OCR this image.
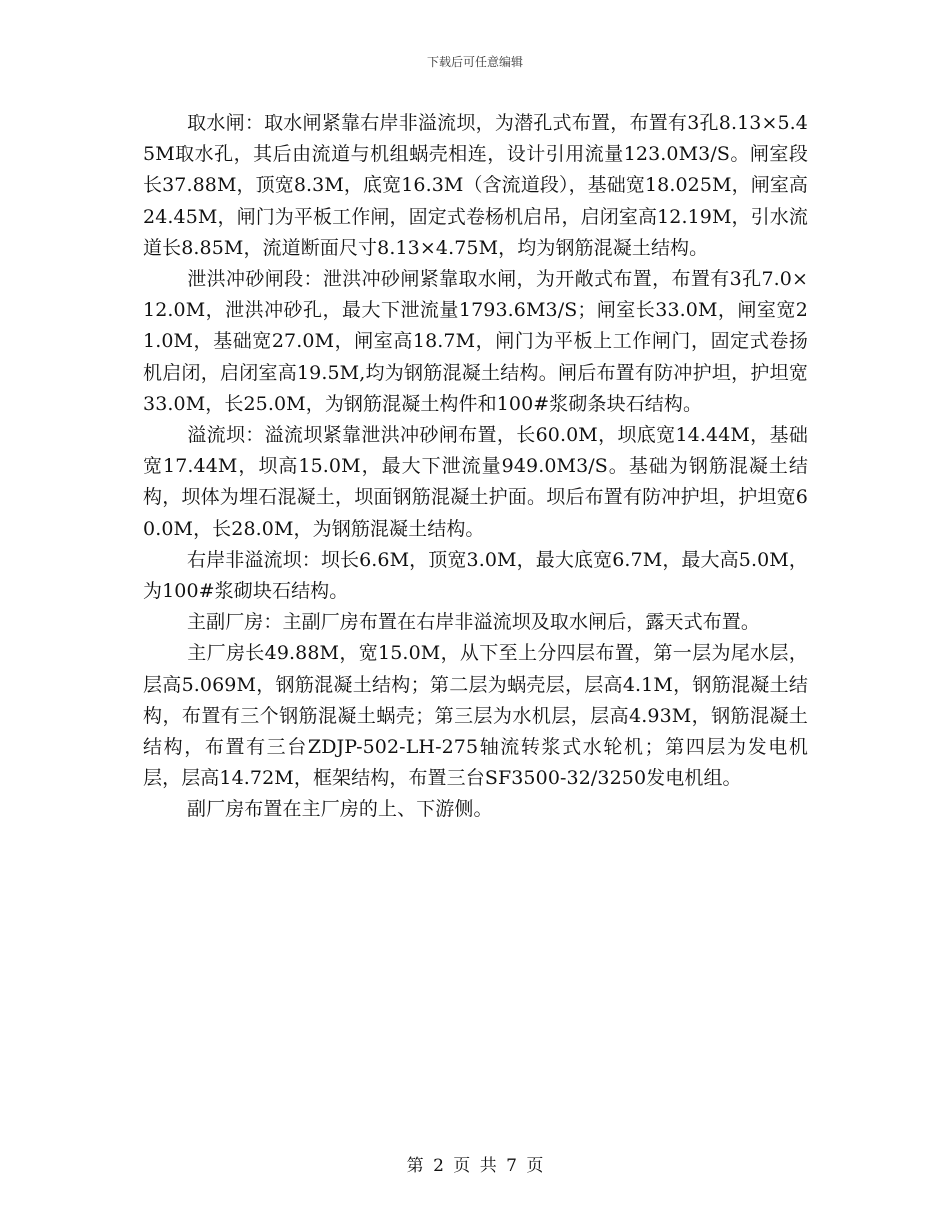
下载后可任意编辑

取水闸：取水闸紧靠右岸非溢流坝，为潜孔式布置，布置有3孔8.13×5.45M取水孔，其后由流道与机组蜗壳相连，设计引用流量123.0M3/S。闸室段长37.88M，顶宽8.3M，底宽16.3M（含流道段），基础宽18.025M，闸室高24.45M，闸门为平板工作闸，固定式卷杨机启吊，启闭室高12.19M，引水流道长8.85M，流道断面尺寸8.13×4.75M，均为钢筋混凝土结构。

泄洪冲砂闸段：泄洪冲砂闸紧靠取水闸，为开敞式布置，布置有3孔7.0×12.0M，泄洪冲砂孔，最大下泄流量1793.6M3/S；闸室长33.0M，闸室宽21.0M，基础宽27.0M，闸室高18.7M，闸门为平板上工作闸门，固定式卷扬机启闭，启闭室高19.5M,均为钢筋混凝土结构。闸后布置有防冲护坦，护坦宽33.0M，长25.0M，为钢筋混凝土构件和100#浆砌条块石结构。

溢流坝：溢流坝紧靠泄洪冲砂闸布置，长60.0M，坝底宽14.44M，基础宽17.44M，坝高15.0M，最大下泄流量949.0M3/S。基础为钢筋混凝土结构，坝体为埋石混凝土，坝面钢筋混凝土护面。坝后布置有防冲护坦，护坦宽60.0M，长28.0M，为钢筋混凝土结构。

右岸非溢流坝：坝长6.6M，顶宽3.0M，最大底宽6.7M，最大高5.0M，为100#浆砌块石结构。

主副厂房：主副厂房布置在右岸非溢流坝及取水闸后，露天式布置。

主厂房长49.88M，宽15.0M，从下至上分四层布置，第一层为尾水层，层高5.069M，钢筋混凝土结构；第二层为蜗壳层，层高4.1M，钢筋混凝土结构，布置有三个钢筋混凝土蜗壳；第三层为水机层，层高4.93M，钢筋混凝土结构，布置有三台ZDJP-502-LH-275轴流转浆式水轮机；第四层为发电机层，层高14.72M，框架结构，布置三台SF3500-32/3250发电机组。

副厂房布置在主厂房的上、下游侧。

第 2 页 共 7 页
